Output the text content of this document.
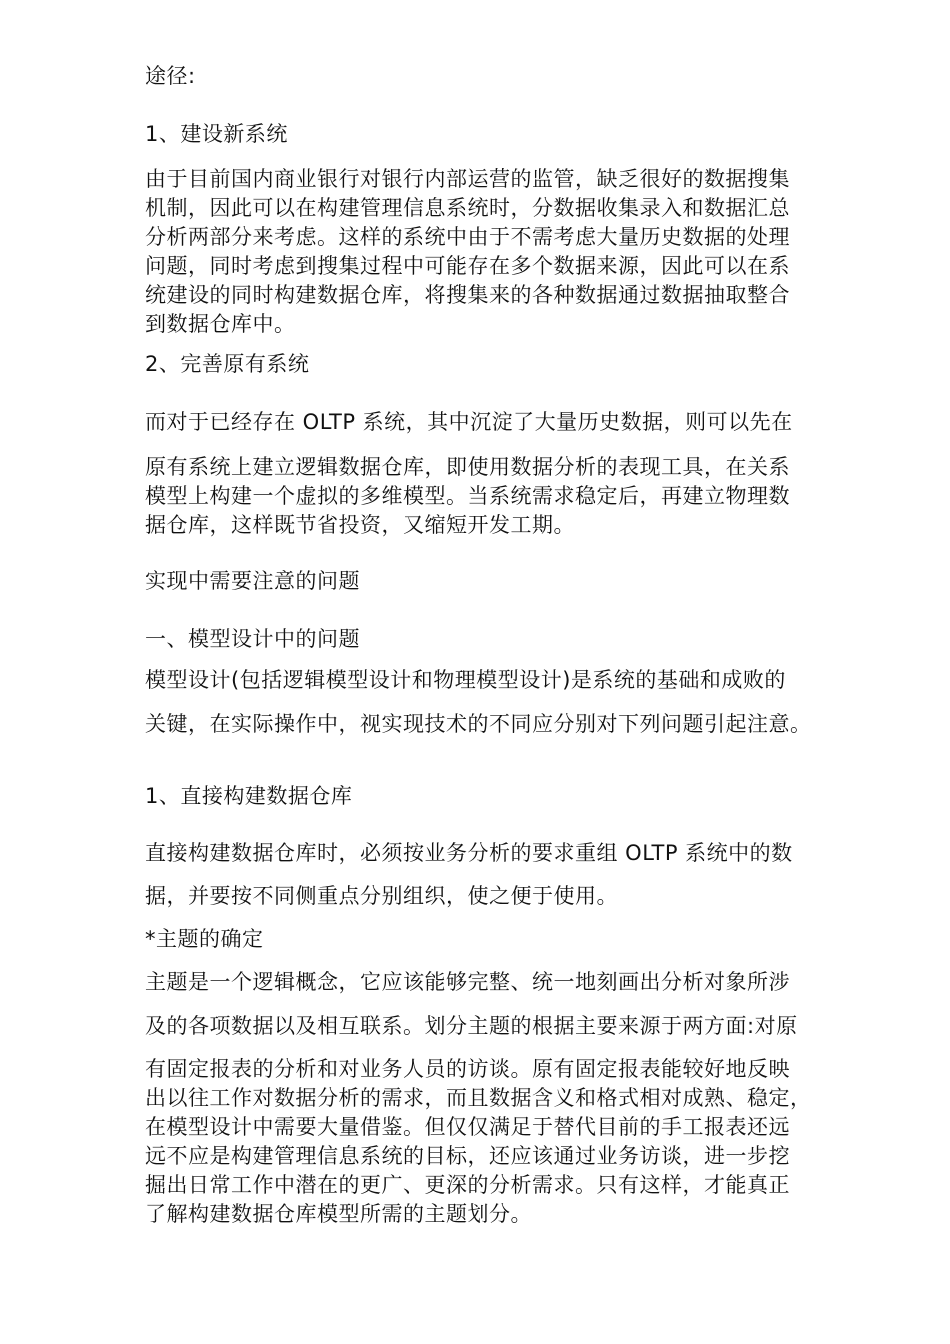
途径:
1、建设新系统
由于目前国内商业银行对银行内部运营的监管，缺乏很好的数据搜集
机制，因此可以在构建管理信息系统时，分数据收集录入和数据汇总
分析两部分来考虑。这样的系统中由于不需考虑大量历史数据的处理
问题，同时考虑到搜集过程中可能存在多个数据来源，因此可以在系
统建设的同时构建数据仓库，将搜集来的各种数据通过数据抽取整合
到数据仓库中。
2、完善原有系统
而对于已经存在 OLTP 系统，其中沉淀了大量历史数据，则可以先在
原有系统上建立逻辑数据仓库，即使用数据分析的表现工具，在关系
模型上构建一个虚拟的多维模型。当系统需求稳定后，再建立物理数
据仓库，这样既节省投资，又缩短开发工期。
实现中需要注意的问题
一、模型设计中的问题
模型设计(包括逻辑模型设计和物理模型设计)是系统的基础和成败的
关键，在实际操作中，视实现技术的不同应分别对下列问题引起注意。
1、直接构建数据仓库
直接构建数据仓库时，必须按业务分析的要求重组 OLTP 系统中的数
据，并要按不同侧重点分别组织，使之便于使用。
*主题的确定
主题是一个逻辑概念，它应该能够完整、统一地刻画出分析对象所涉
及的各项数据以及相互联系。划分主题的根据主要来源于两方面:对原
有固定报表的分析和对业务人员的访谈。原有固定报表能较好地反映
出以往工作对数据分析的需求，而且数据含义和格式相对成熟、稳定，
在模型设计中需要大量借鉴。但仅仅满足于替代目前的手工报表还远
远不应是构建管理信息系统的目标，还应该通过业务访谈，进一步挖
掘出日常工作中潜在的更广、更深的分析需求。只有这样，才能真正
了解构建数据仓库模型所需的主题划分。
